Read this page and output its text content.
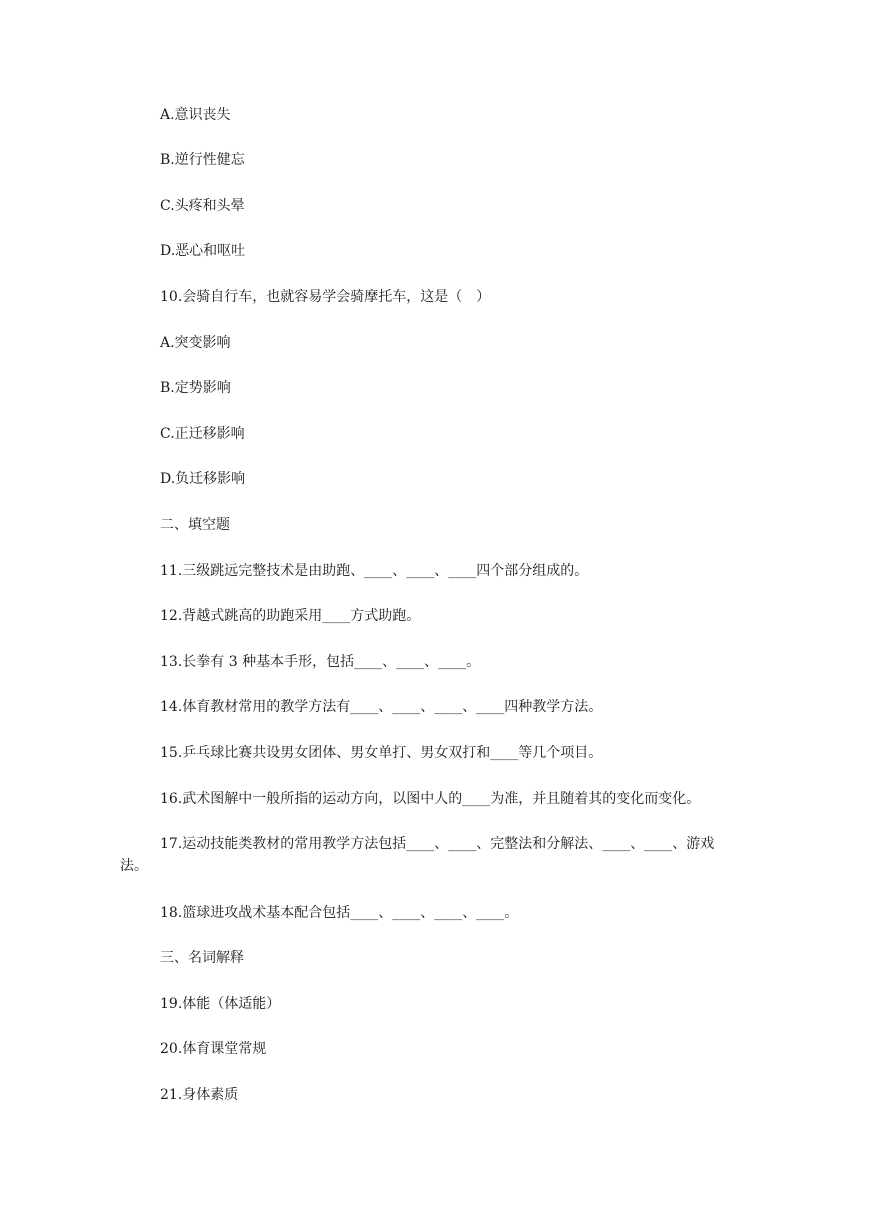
A.意识丧失
B.逆行性健忘
C.头疼和头晕
D.恶心和呕吐
10.会骑自行车，也就容易学会骑摩托车，这是（　）
A.突变影响
B.定势影响
C.正迁移影响
D.负迁移影响
二、填空题
11.三级跳远完整技术是由助跑、____、____、____四个部分组成的。
12.背越式跳高的助跑采用____方式助跑。
13.长拳有 3 种基本手形，包括____、____、____。
14.体育教材常用的教学方法有____、____、____、____四种教学方法。
15.乒乓球比赛共设男女团体、男女单打、男女双打和____等几个项目。
16.武术图解中一般所指的运动方向，以图中人的____为准，并且随着其的变化而变化。
17.运动技能类教材的常用教学方法包括____、____、完整法和分解法、____、____、游戏法。
18.篮球进攻战术基本配合包括____、____、____、____。
三、名词解释
19.体能（体适能）
20.体育课堂常规
21.身体素质
